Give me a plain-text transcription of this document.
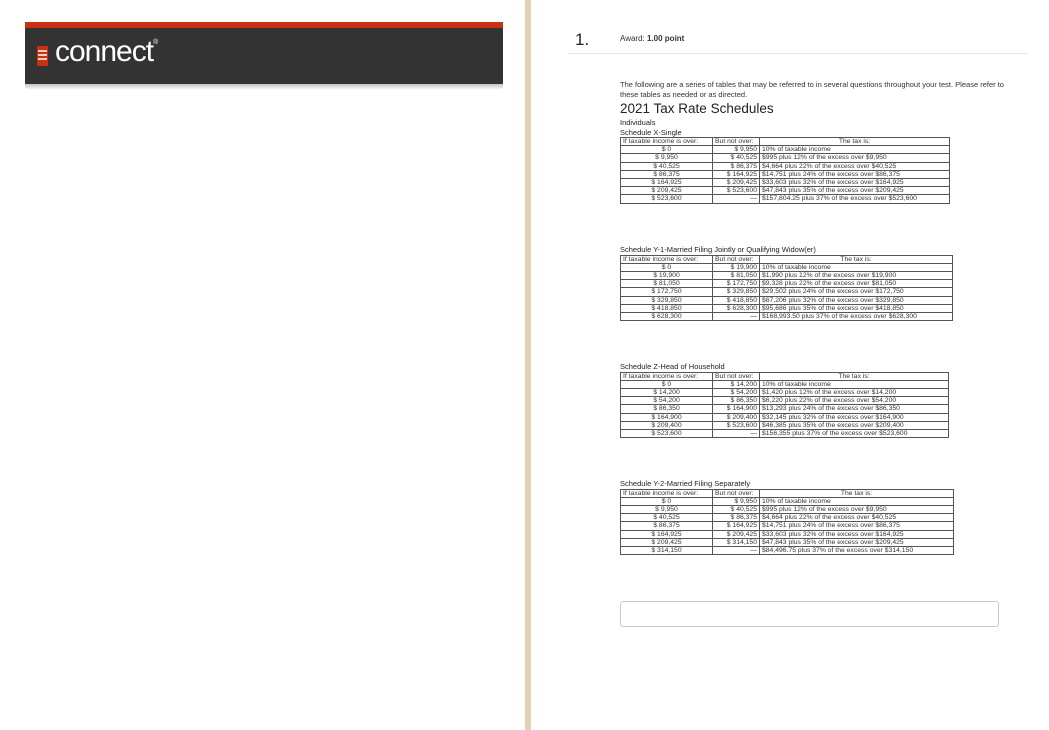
connect®	1.	Award: 1.00 point
The following are a series of tables that may be referred to in several questions throughout your test. Please refer to these tables as needed or as directed.
2021 Tax Rate Schedules
Individuals
Schedule X-Single
If taxable income is over:	But not over:	The tax is:
$ 0	$ 9,950	10% of taxable income
$ 9,950	$ 40,525	$995 plus 12% of the excess over $9,950
$ 40,525	$ 86,375	$4,664 plus 22% of the excess over $40,525
$ 86,375	$ 164,925	$14,751 plus 24% of the excess over $86,375
$ 164,925	$ 209,425	$33,603 plus 32% of the excess over $164,925
$ 209,425	$ 523,600	$47,843 plus 35% of the excess over $209,425
$ 523,600	—	$157,804.25 plus 37% of the excess over $523,600
Schedule Y-1-Married Filing Jointly or Qualifying Widow(er)
If taxable income is over:	But not over:	The tax is:
$ 0	$ 19,900	10% of taxable income
$ 19,900	$ 81,050	$1,990 plus 12% of the excess over $19,900
$ 81,050	$ 172,750	$9,328 plus 22% of the excess over $81,050
$ 172,750	$ 329,850	$29,502 plus 24% of the excess over $172,750
$ 329,850	$ 418,850	$67,206 plus 32% of the excess over $329,850
$ 418,850	$ 628,300	$95,686 plus 35% of the excess over $418,850
$ 628,300	—	$168,993.50 plus 37% of the excess over $628,300
Schedule Z-Head of Household
If taxable income is over:	But not over:	The tax is:
$ 0	$ 14,200	10% of taxable income
$ 14,200	$ 54,200	$1,420 plus 12% of the excess over $14,200
$ 54,200	$ 86,350	$6,220 plus 22% of the excess over $54,200
$ 86,350	$ 164,900	$13,293 plus 24% of the excess over $86,350
$ 164,900	$ 209,400	$32,145 plus 32% of the excess over $164,900
$ 209,400	$ 523,600	$46,385 plus 35% of the excess over $209,400
$ 523,600	—	$156,355 plus 37% of the excess over $523,600
Schedule Y-2-Married Filing Separately
If taxable income is over:	But not over:	The tax is:
$ 0	$ 9,950	10% of taxable income
$ 9,950	$ 40,525	$995 plus 12% of the excess over $9,950
$ 40,525	$ 86,375	$4,664 plus 22% of the excess over $40,525
$ 86,375	$ 164,925	$14,751 plus 24% of the excess over $86,375
$ 164,925	$ 209,425	$33,603 plus 32% of the excess over $164,925
$ 209,425	$ 314,150	$47,843 plus 35% of the excess over $209,425
$ 314,150	—	$84,496.75 plus 37% of the excess over $314,150
